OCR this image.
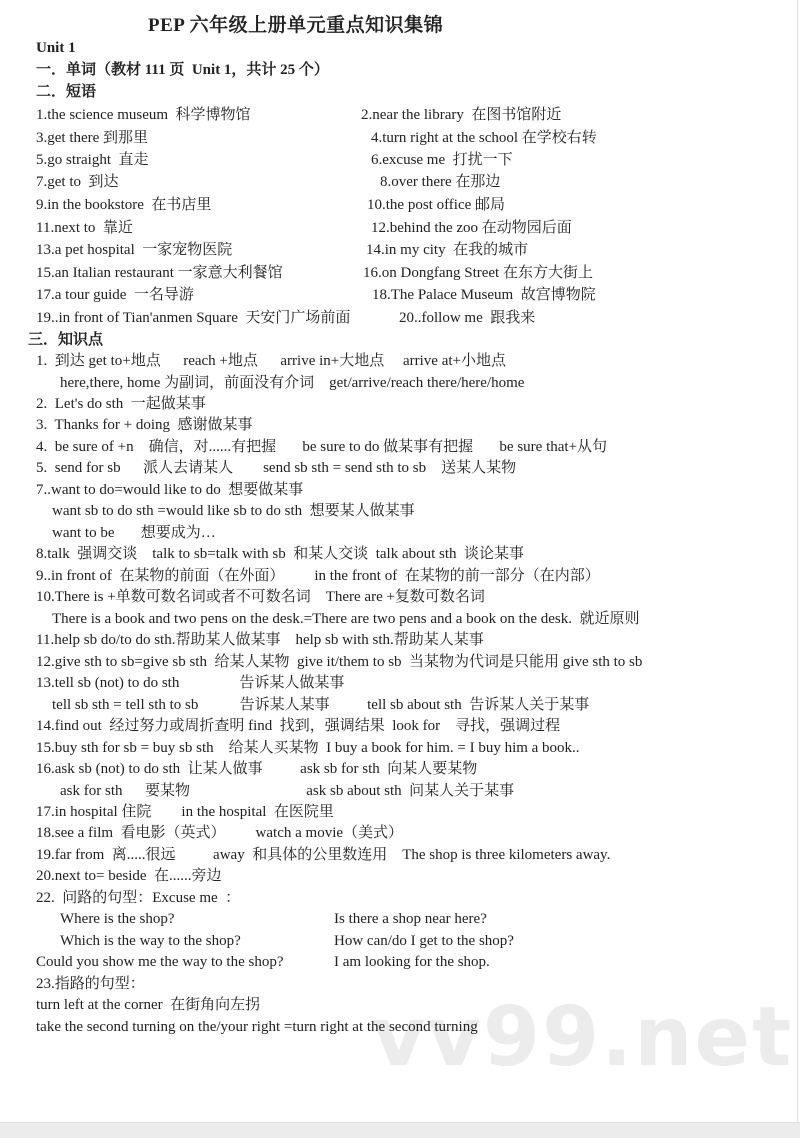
vv99.net
PEP 六年级上册单元重点知识集锦
Unit 1
一．单词（教材 111 页  Unit 1，共计 25 个）
二．短语
1.the science museum  科学博物馆	2.near the library  在图书馆附近
3.get there 到那里	4.turn right at the school 在学校右转
5.go straight  直走	6.excuse me  打扰一下
7.get to  到达	8.over there 在那边
9.in the bookstore  在书店里	10.the post office 邮局
11.next to  靠近	12.behind the zoo 在动物园后面
13.a pet hospital  一家宠物医院	14.in my city  在我的城市
15.an Italian restaurant 一家意大利餐馆	16.on Dongfang Street 在东方大街上
17.a tour guide  一名导游	18.The Palace Museum  故宫博物院
19..in front of Tian'anmen Square  天安门广场前面	20..follow me  跟我来
三．知识点
1.  到达 get to+地点      reach +地点      arrive in+大地点     arrive at+小地点
here,there, home 为副词，前面没有介词    get/arrive/reach there/here/home
2.  Let's do sth  一起做某事
3.  Thanks for + doing  感谢做某事
4.  be sure of +n    确信，对......有把握       be sure to do 做某事有把握       be sure that+从句
5.  send for sb      派人去请某人        send sb sth = send sth to sb    送某人某物
7..want to do=would like to do  想要做某事
want sb to do sth =would like sb to do sth  想要某人做某事
want to be       想要成为…
8.talk  强调交谈    talk to sb=talk with sb  和某人交谈  talk about sth  谈论某事
9..in front of  在某物的前面（在外面）        in the front of  在某物的前一部分（在内部）
10.There is +单数可数名词或者不可数名词    There are +复数可数名词
There is a book and two pens on the desk.=There are two pens and a book on the desk.  就近原则
11.help sb do/to do sth.帮助某人做某事    help sb with sth.帮助某人某事
12.give sth to sb=give sb sth  给某人某物  give it/them to sb  当某物为代词是只能用 give sth to sb
13.tell sb (not) to do sth                告诉某人做某事
tell sb sth = tell sth to sb           告诉某人某事          tell sb about sth  告诉某人关于某事
14.find out  经过努力或周折查明 find  找到，强调结果  look for    寻找，强调过程
15.buy sth for sb = buy sb sth    给某人买某物  I buy a book for him. = I buy him a book..
16.ask sb (not) to do sth  让某人做事          ask sb for sth  向某人要某物
ask for sth      要某物                               ask sb about sth  问某人关于某事
17.in hospital 住院        in the hospital  在医院里
18.see a film  看电影（英式）        watch a movie（美式）
19.far from  离.....很远          away  和具体的公里数连用    The shop is three kilometers away.
20.next to= beside  在......旁边
22.  问路的句型：Excuse me  ：
Where is the shop?	Is there a shop near here?
Which is the way to the shop?	How can/do I get to the shop?
Could you show me the way to the shop?	I am looking for the shop.
23.指路的句型：
turn left at the corner  在街角向左拐
take the second turning on the/your right =turn right at the second turning
